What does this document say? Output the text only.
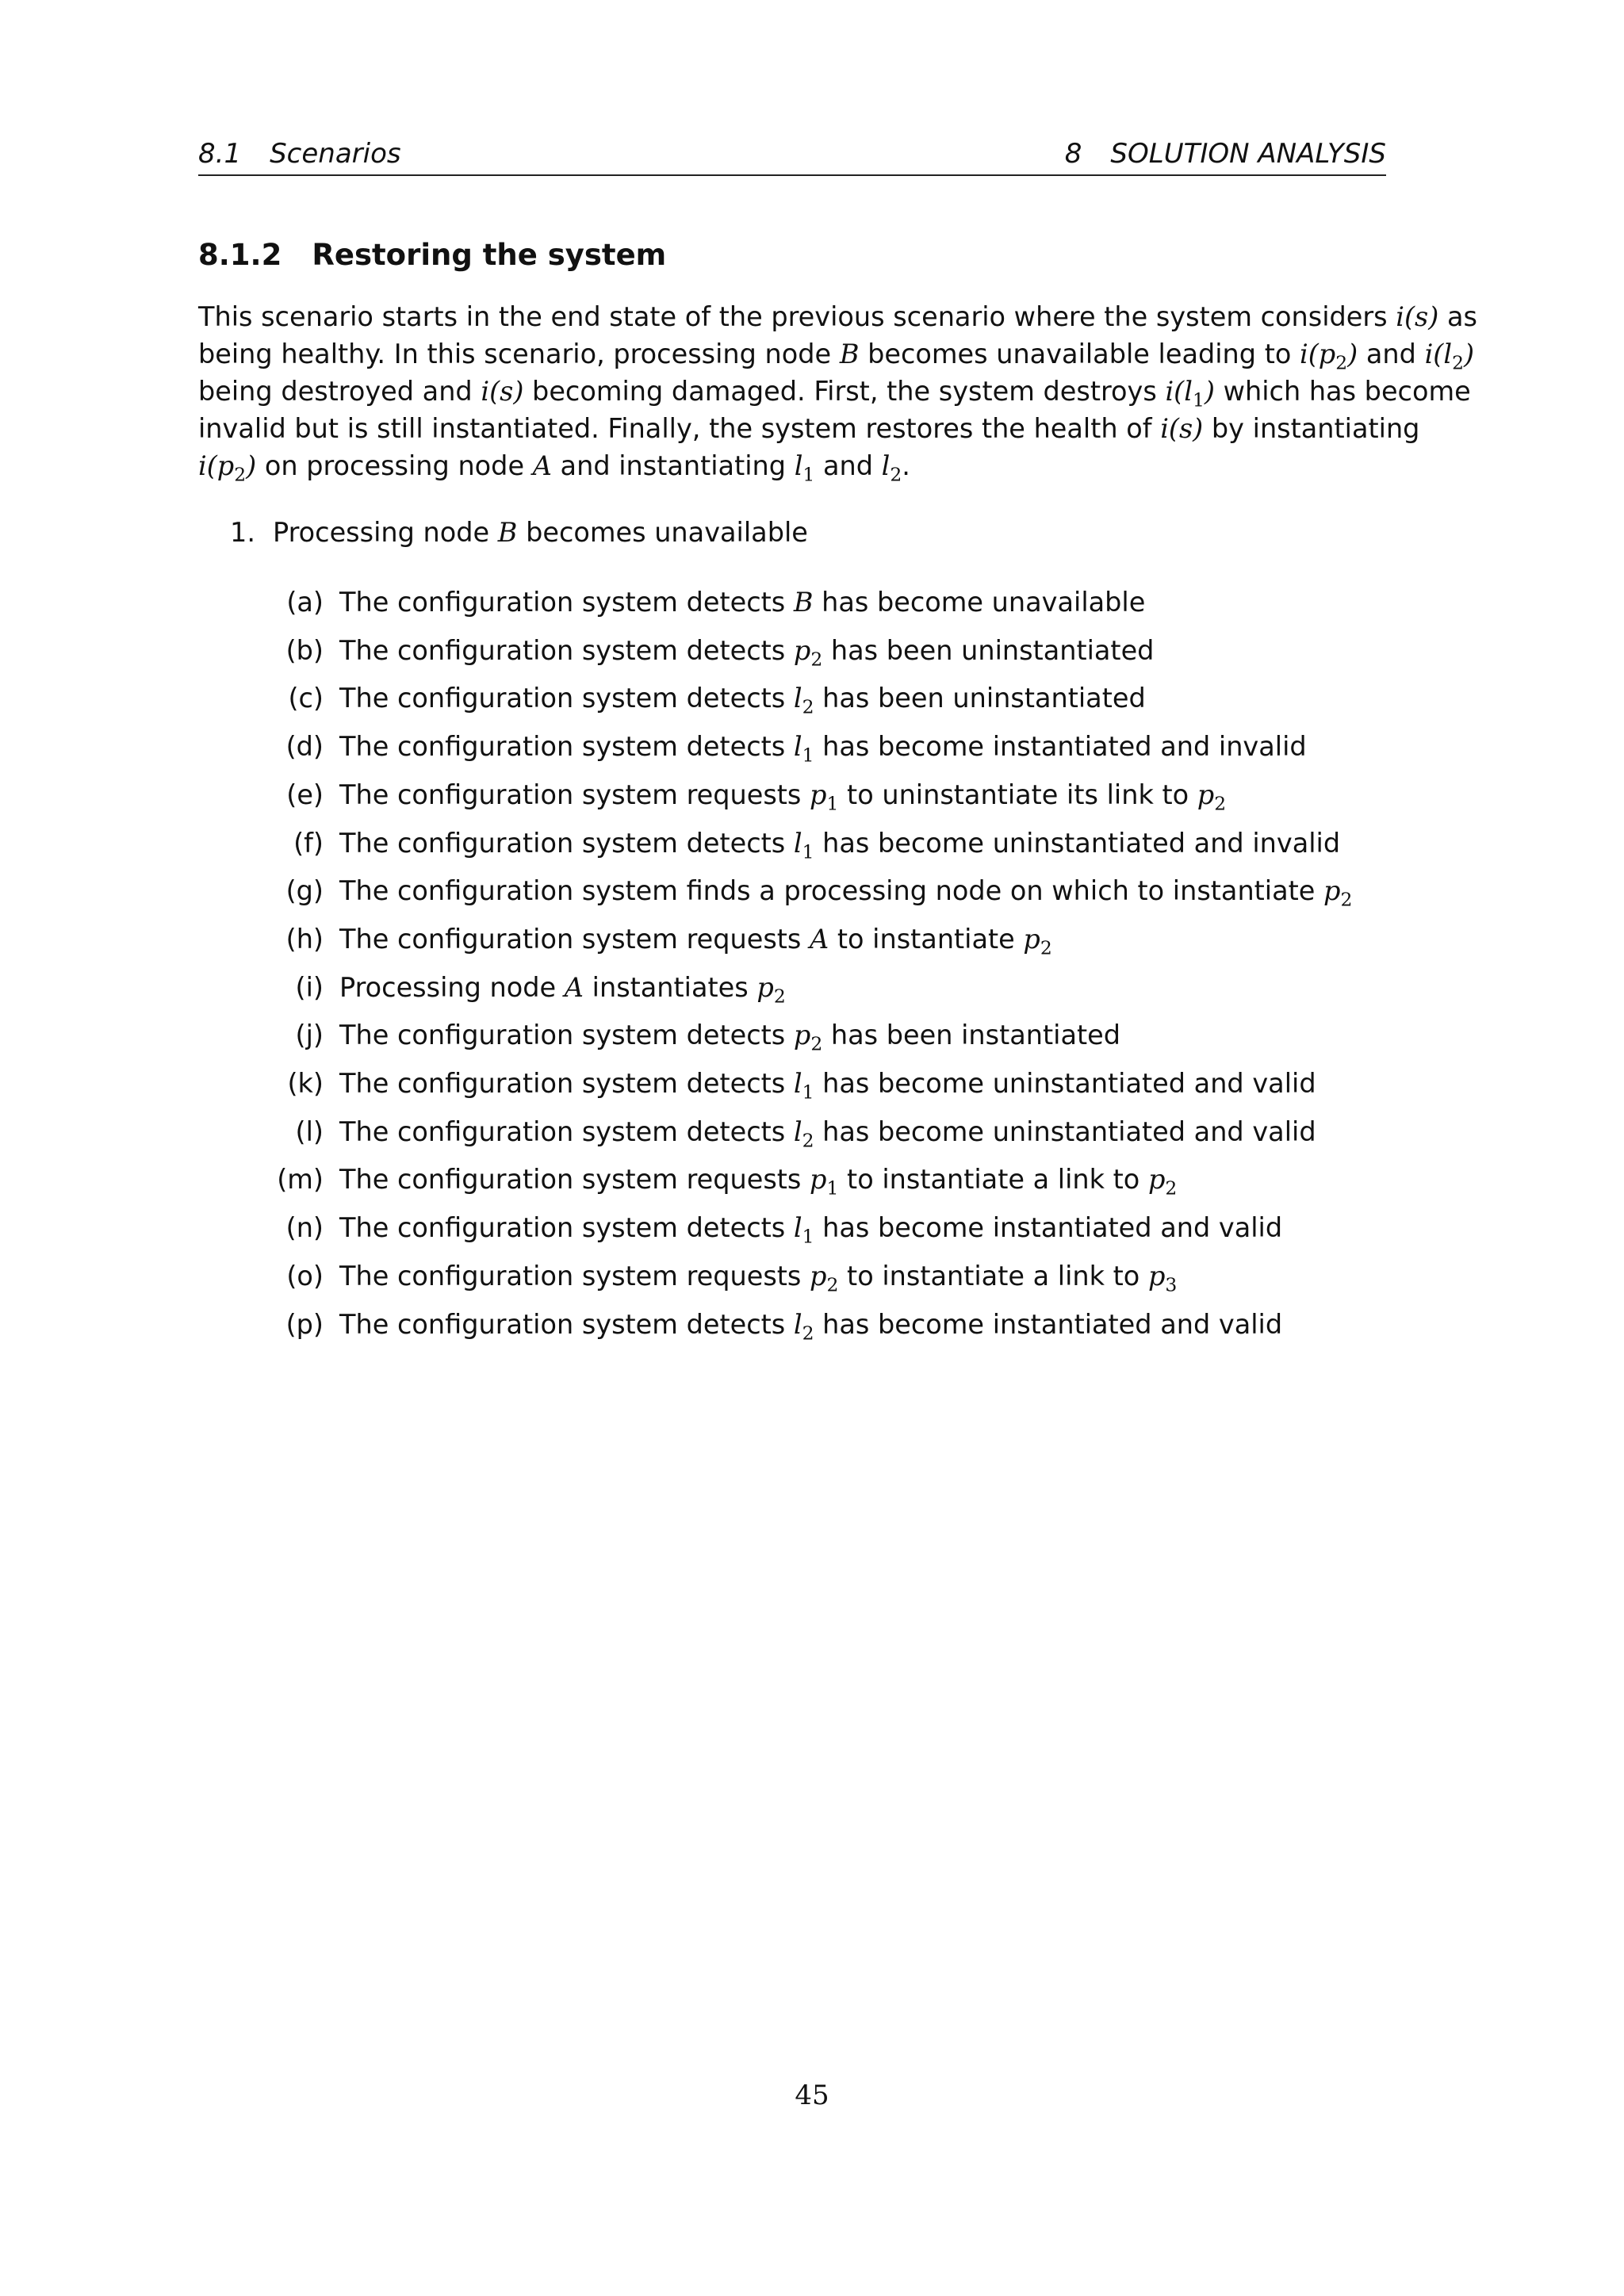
8.1 Scenarios	8 SOLUTION ANALYSIS
8.1.2 Restoring the system
This scenario starts in the end state of the previous scenario where the system considers i(s) as
being healthy. In this scenario, processing node B becomes unavailable leading to $i(p_2)$ and $i(l_2)$
being destroyed and i(s) becoming damaged. First, the system destroys $i(l_1)$ which has become
invalid but is still instantiated. Finally, the system restores the health of i(s) by instantiating
$i(p_2)$ on processing node A and instantiating $l_1$ and $l_2$.
1. Processing node B becomes unavailable
(a) The configuration system detects B has become unavailable
(b) The configuration system detects $p_2$ has been uninstantiated
(c) The configuration system detects $l_2$ has been uninstantiated
(d) The configuration system detects $l_1$ has become instantiated and invalid
(e) The configuration system requests $p_1$ to uninstantiate its link to $p_2$
(f) The configuration system detects $l_1$ has become uninstantiated and invalid
(g) The configuration system finds a processing node on which to instantiate $p_2$
(h) The configuration system requests A to instantiate $p_2$
(i) Processing node A instantiates $p_2$
(j) The configuration system detects $p_2$ has been instantiated
(k) The configuration system detects $l_1$ has become uninstantiated and valid
(l) The configuration system detects $l_2$ has become uninstantiated and valid
(m) The configuration system requests $p_1$ to instantiate a link to $p_2$
(n) The configuration system detects $l_1$ has become instantiated and valid
(o) The configuration system requests $p_2$ to instantiate a link to $p_3$
(p) The configuration system detects $l_2$ has become instantiated and valid
45
